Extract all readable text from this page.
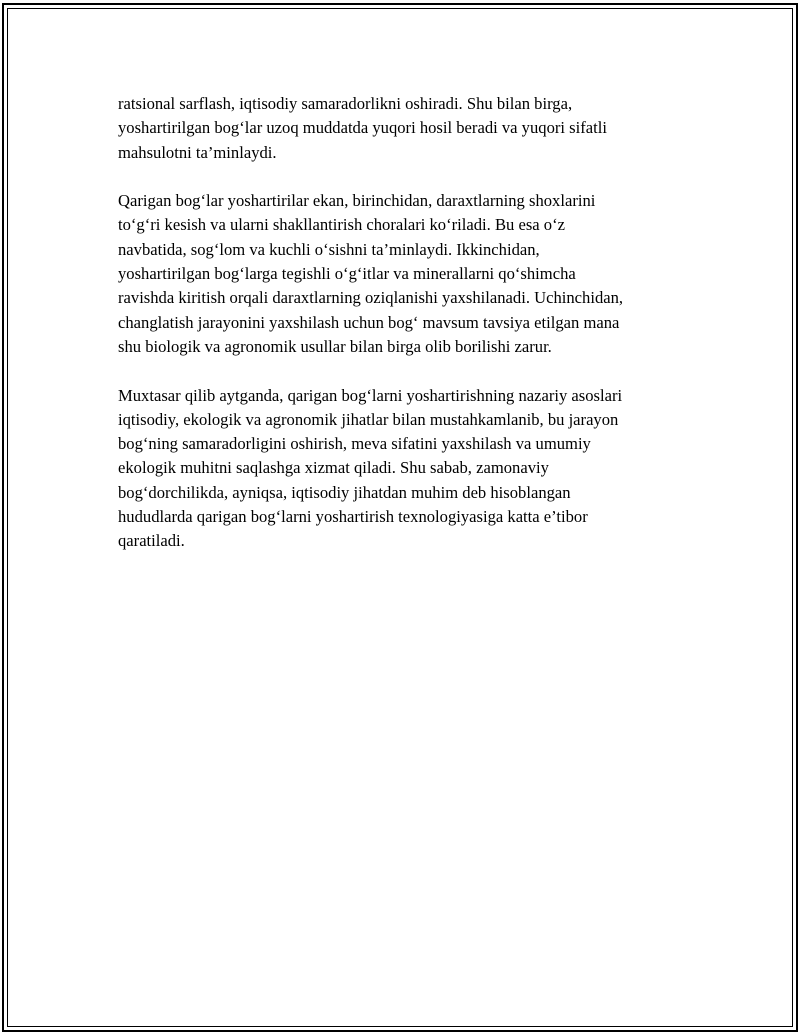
ratsional sarflash, iqtisodiy samaradorlikni oshiradi. Shu bilan birga,
yoshartirilgan bog‘lar uzoq muddatda yuqori hosil beradi va yuqori sifatli
mahsulotni ta’minlaydi.

Qarigan bog‘lar yoshartirilar ekan, birinchidan, daraxtlarning shoxlarini
to‘g‘ri kesish va ularni shakllantirish choralari ko‘riladi. Bu esa o‘z
navbatida, sog‘lom va kuchli o‘sishni ta’minlaydi. Ikkinchidan,
yoshartirilgan bog‘larga tegishli o‘g‘itlar va minerallarni qo‘shimcha
ravishda kiritish orqali daraxtlarning oziqlanishi yaxshilanadi. Uchinchidan,
changlatish jarayonini yaxshilash uchun bog‘ mavsum tavsiya etilgan mana
shu biologik va agronomik usullar bilan birga olib borilishi zarur.

Muxtasar qilib aytganda, qarigan bog‘larni yoshartirishning nazariy asoslari
iqtisodiy, ekologik va agronomik jihatlar bilan mustahkamlanib, bu jarayon
bog‘ning samaradorligini oshirish, meva sifatini yaxshilash va umumiy
ekologik muhitni saqlashga xizmat qiladi. Shu sabab, zamonaviy
bog‘dorchilikda, ayniqsa, iqtisodiy jihatdan muhim deb hisoblangan
hududlarda qarigan bog‘larni yoshartirish texnologiyasiga katta e’tibor
qaratiladi.
